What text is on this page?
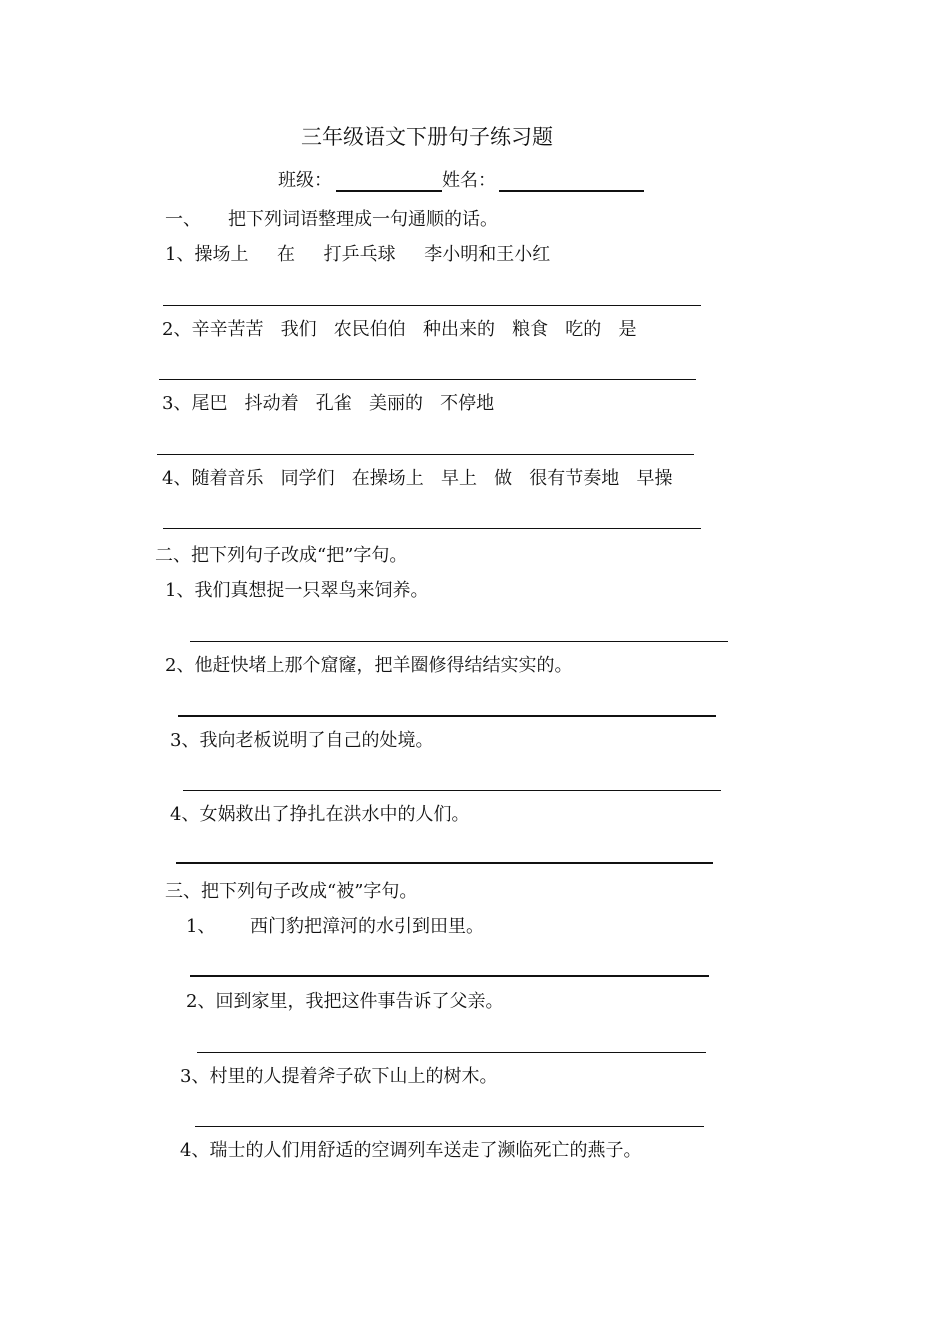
三年级语文下册句子练习题
班级：	姓名：
一、 把下列词语整理成一句通顺的话。
1、操场上     在     打乒乓球     李小明和王小红
2、辛辛苦苦   我们   农民伯伯   种出来的   粮食   吃的   是
3、尾巴   抖动着   孔雀   美丽的   不停地
4、随着音乐   同学们   在操场上   早上   做   很有节奏地   早操
二、把下列句子改成“把”字句。
1、我们真想捉一只翠鸟来饲养。
2、他赶快堵上那个窟窿，把羊圈修得结结实实的。
3、我向老板说明了自己的处境。
4、女娲救出了挣扎在洪水中的人们。
三、把下列句子改成“被”字句。
1、 西门豹把漳河的水引到田里。
2、回到家里，我把这件事告诉了父亲。
3、村里的人提着斧子砍下山上的树木。
4、瑞士的人们用舒适的空调列车送走了濒临死亡的燕子。
